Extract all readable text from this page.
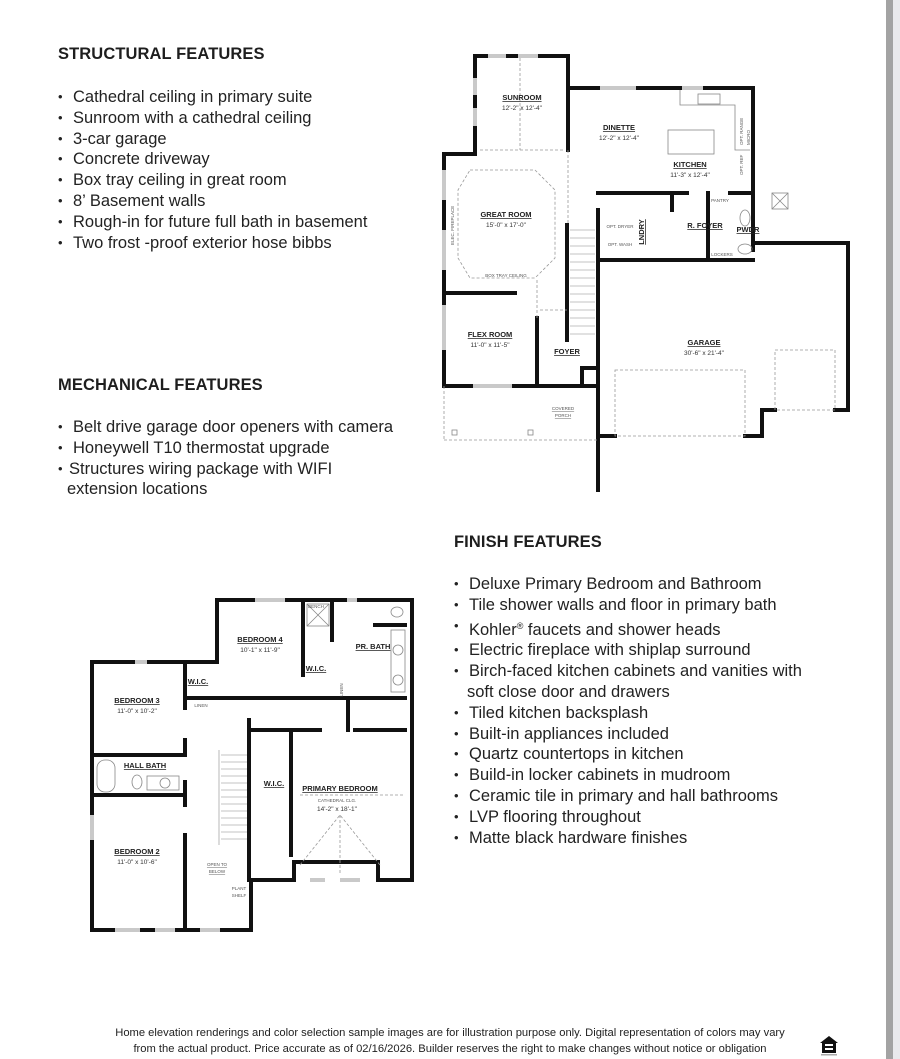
STRUCTURAL FEATURES
• Cathedral ceiling in primary suite
• Sunroom with a cathedral ceiling
• 3-car garage
• Concrete driveway
• Box tray ceiling in great room
• 8’ Basement walls
• Rough-in for future full bath in basement
• Two frost -proof exterior hose bibbs
MECHANICAL FEATURES
• Belt drive garage door openers with camera
• Honeywell T10 thermostat upgrade
• Structures wiring package with WIFI
extension locations
FINISH FEATURES
• Deluxe Primary Bedroom and Bathroom
• Tile shower walls and floor in primary bath
• Kohler® faucets and shower heads
• Electric fireplace with shiplap surround
• Birch-faced kitchen cabinets and vanities with
soft close door and drawers
• Tiled kitchen backsplash
• Built-in appliances included
• Quartz countertops in kitchen
• Build-in locker cabinets in mudroom
• Ceramic tile in primary and hall bathrooms
• LVP flooring throughout
• Matte black hardware finishes
SUNROOM
12'-2" x 12'-4"
DINETTE
12'-2" x 12'-4"
KITCHEN
11'-3" x 12'-4"
GREAT ROOM
15'-0" x 17'-0"
BOX TRAY CEILING
ELEC. FIREPLACE
FLEX ROOM
11'-0" x 11'-5"
FOYER
GARAGE
30'-6" x 21'-4"
R. FOYER
LNDRY	PWDR
PANTRY
LOCKERS
OPT. DRYER
OPT. WASH
OPT. RANGE MICRO
OPT. REF
COVERED
PORCH
BEDROOM 4
10'-1" x 11'-9"
BEDROOM 3
11'-0" x 10'-2"
HALL BATH
BEDROOM 2
11'-0" x 10'-6"
PRIMARY BEDROOM
CATHEDRAL CLG.
14'-2" x 18'-1"
PR. BATH
W.I.C.
W.I.C.
W.I.C.
LINEN
BENCH
LINEN
OPEN TO
BELOW
PLANT
SHELF
Home elevation renderings and color selection sample images are for illustration purpose only. Digital representation of colors may vary
from the actual product. Price accurate as of 02/16/2026. Builder reserves the right to make changes without notice or obligation
